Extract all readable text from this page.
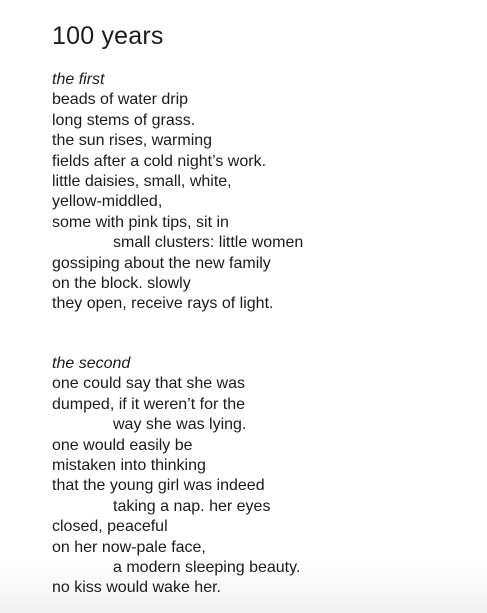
100 years
the first
beads of water drip
long stems of grass.
the sun rises, warming
fields after a cold night’s work.
little daisies, small, white,
yellow-middled,
some with pink tips, sit in
small clusters: little women
gossiping about the new family
on the block. slowly
they open, receive rays of light.
the second
one could say that she was
dumped, if it weren’t for the
way she was lying.
one would easily be
mistaken into thinking
that the young girl was indeed
taking a nap. her eyes
closed, peaceful
on her now-pale face,
a modern sleeping beauty.
no kiss would wake her.
